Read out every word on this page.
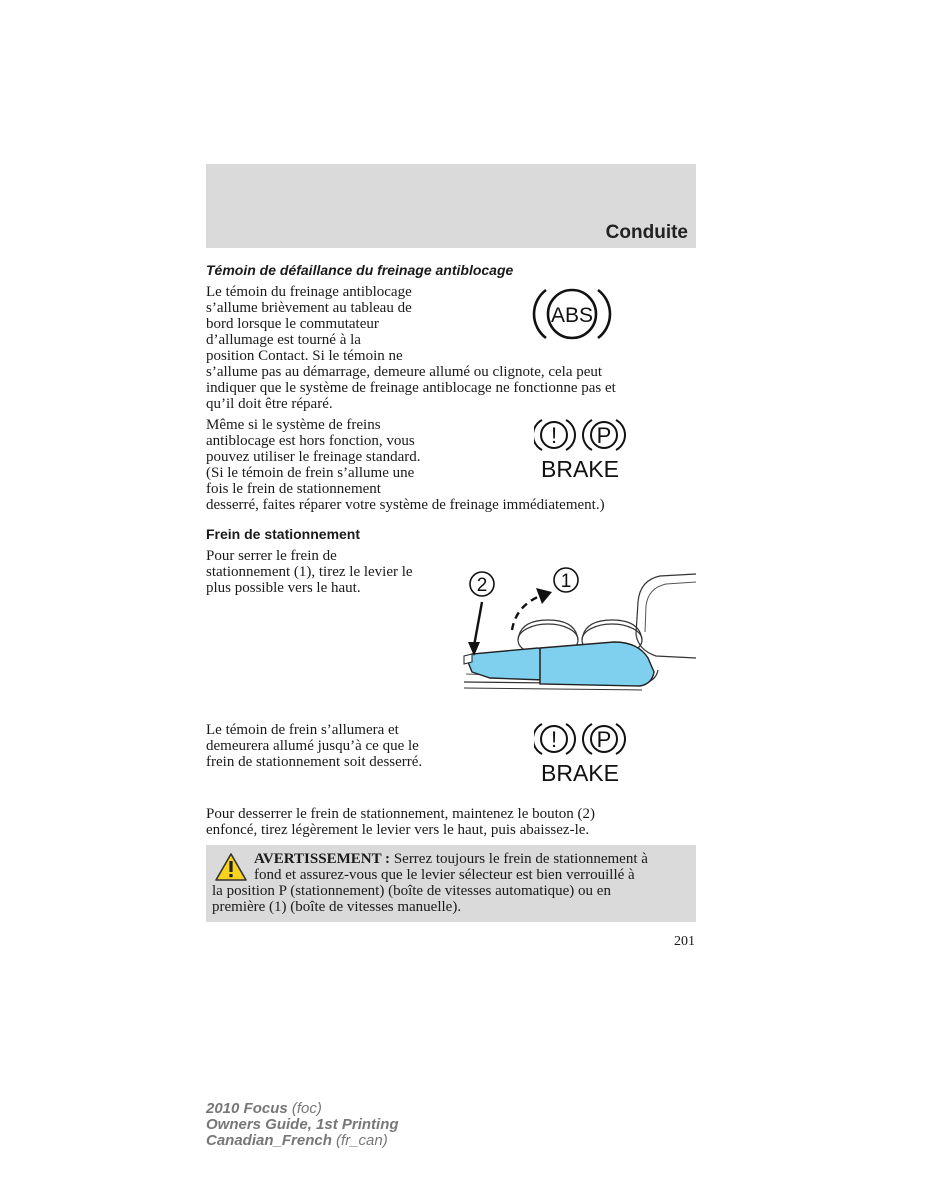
Conduite
Témoin de défaillance du freinage antiblocage

Le témoin du freinage antiblocage
s’allume brièvement au tableau de
bord lorsque le commutateur
d’allumage est tourné à la
position Contact. Si le témoin ne
s’allume pas au démarrage, demeure allumé ou clignote, cela peut
indiquer que le système de freinage antiblocage ne fonctionne pas et
qu’il doit être réparé.

ABS

Même si le système de freins
antiblocage est hors fonction, vous
pouvez utiliser le freinage standard.
(Si le témoin de frein s’allume une
fois le frein de stationnement
desserré, faites réparer votre système de freinage immédiatement.)

! P
BRAKE
Frein de stationnement

Pour serrer le frein de
stationnement (1), tirez le levier le
plus possible vers le haut.	2	1

Le témoin de frein s’allumera et
demeurera allumé jusqu’à ce que le
frein de stationnement soit desserré.

! P
BRAKE

Pour desserrer le frein de stationnement, maintenez le bouton (2)
enfoncé, tirez légèrement le levier vers le haut, puis abaissez-le.

AVERTISSEMENT : Serrez toujours le frein de stationnement à
fond et assurez-vous que le levier sélecteur est bien verrouillé à
la position P (stationnement) (boîte de vitesses automatique) ou en
première (1) (boîte de vitesses manuelle).
201
2010 Focus (foc)
Owners Guide, 1st Printing
Canadian_French (fr_can)
